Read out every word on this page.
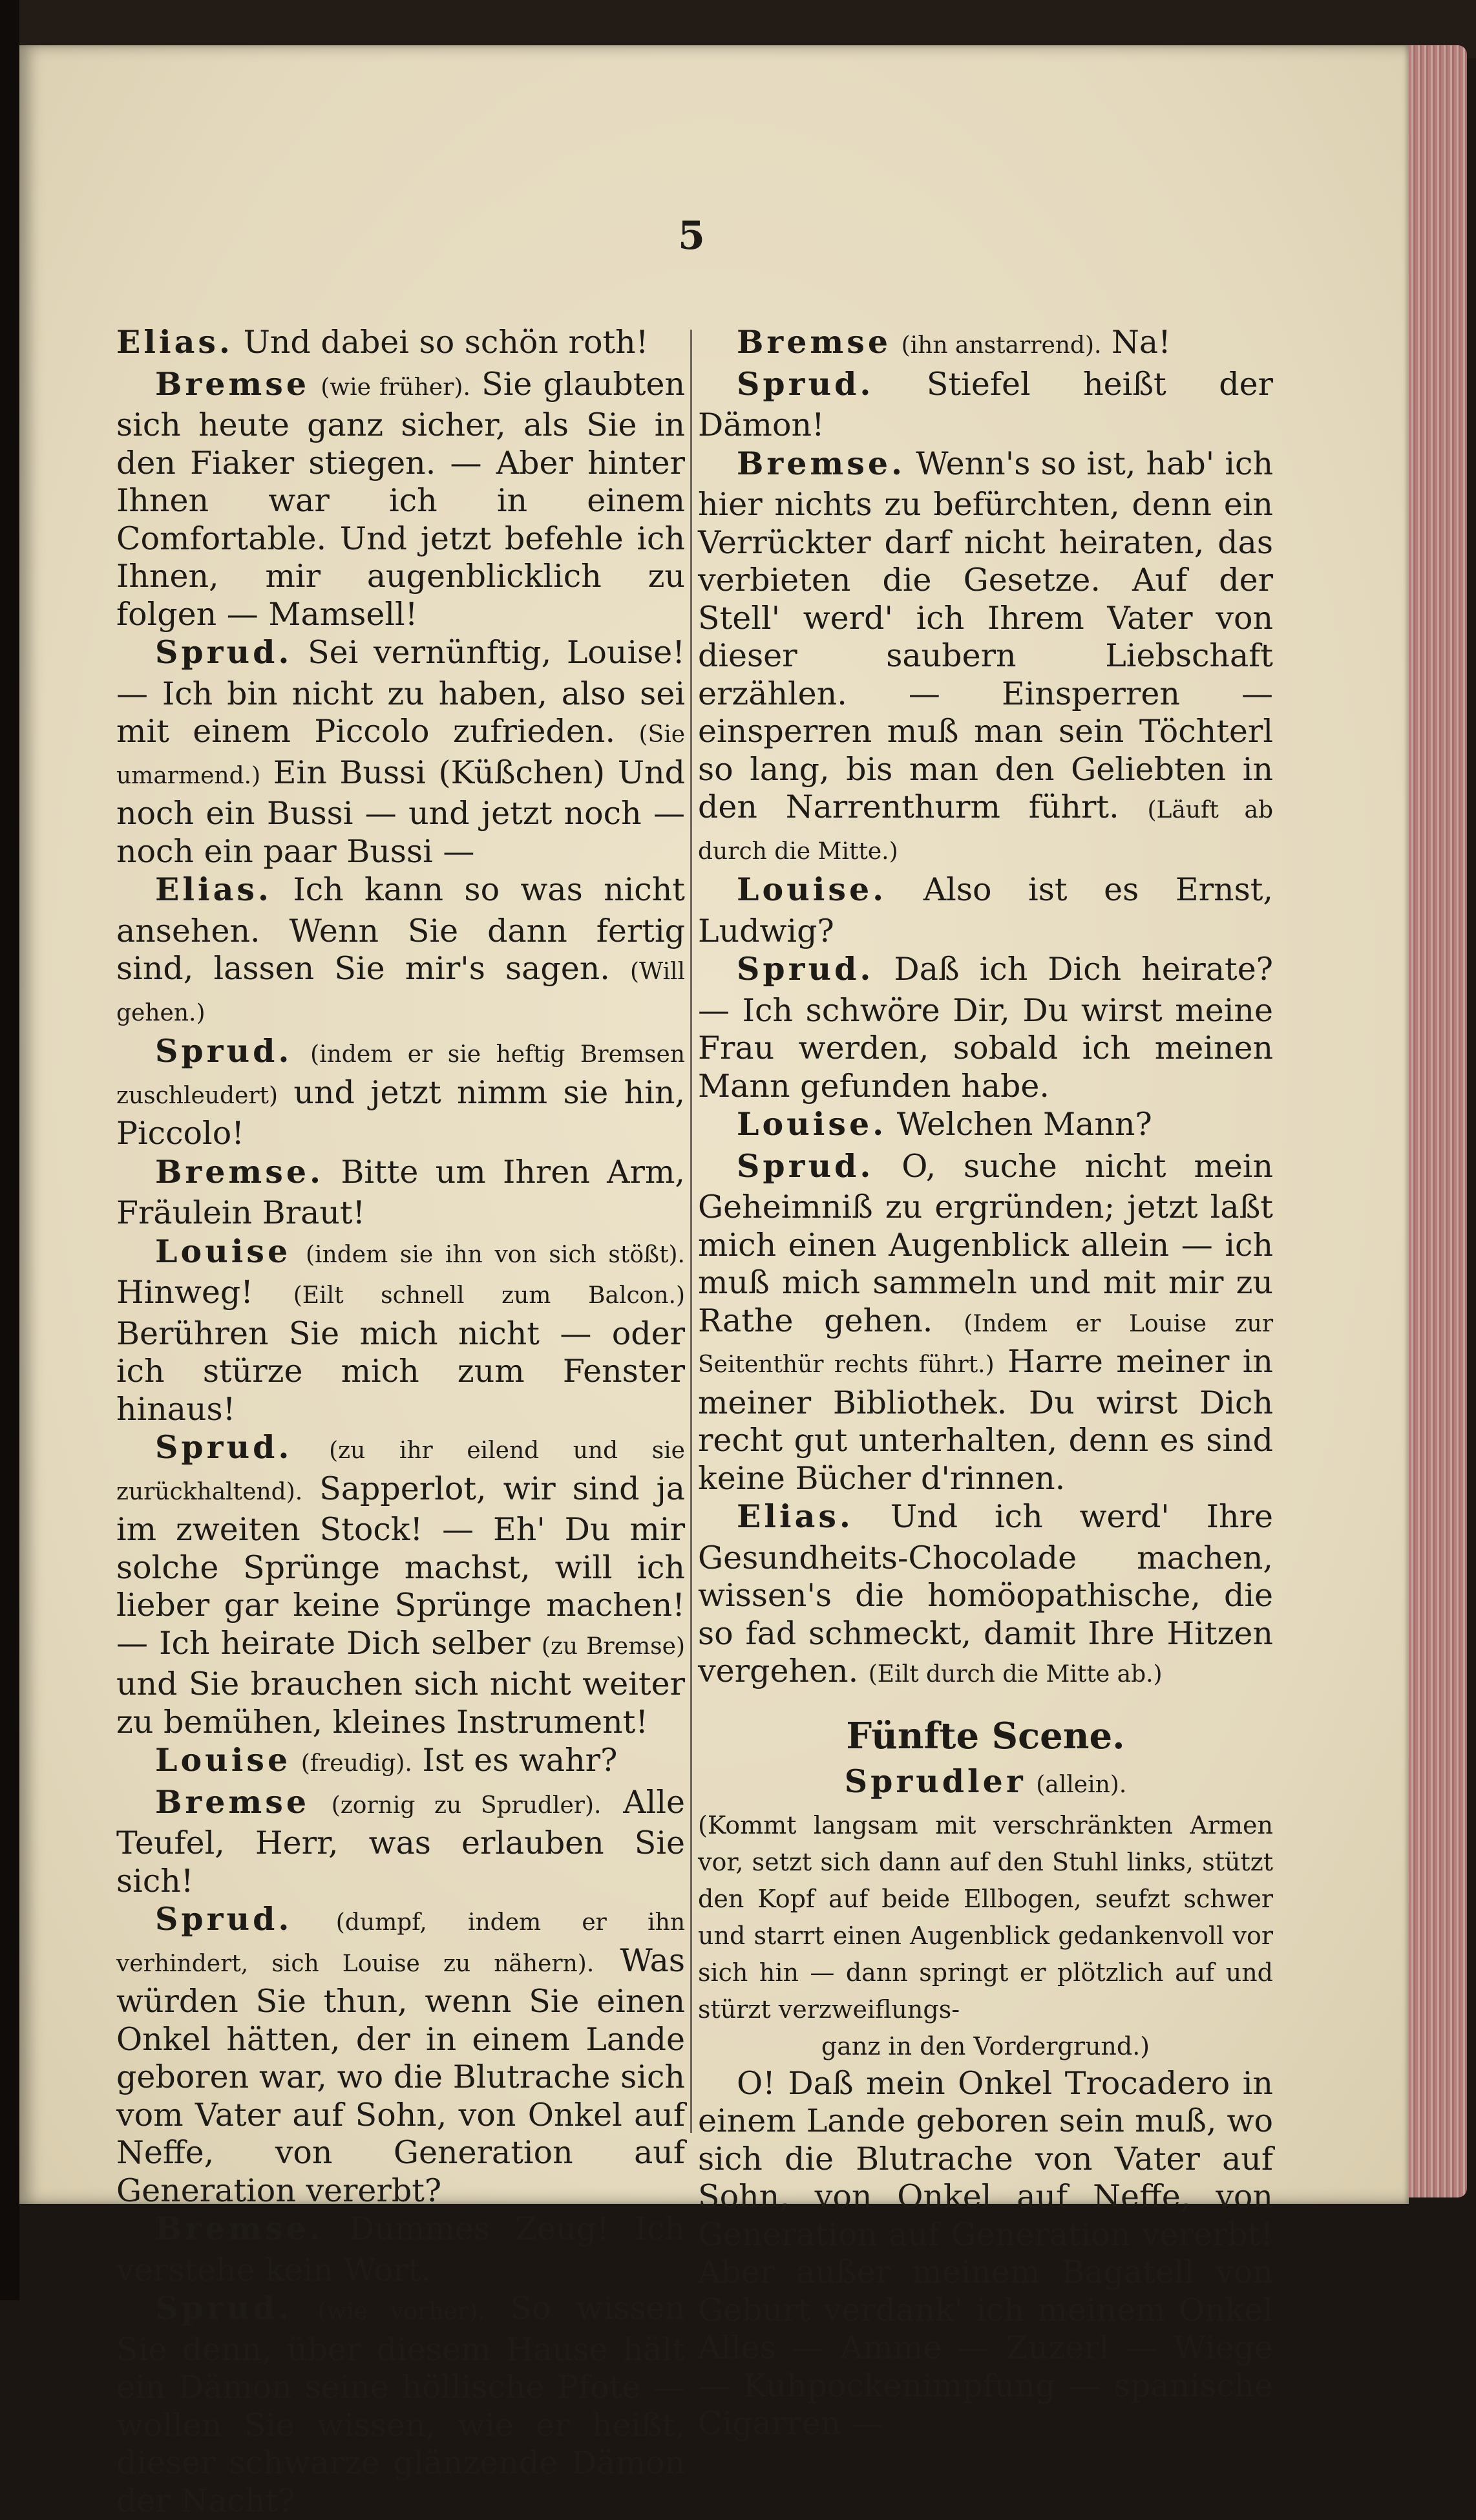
5

Elias. Und dabei so schön roth!

Bremse (wie früher). Sie glaubten sich heute ganz sicher, als Sie in den Fiaker stiegen. — Aber hinter Ihnen war ich in einem Comfortable. Und jetzt befehle ich Ihnen, mir augenblicklich zu folgen — Mamsell!

Sprud. Sei vernünftig, Louise! — Ich bin nicht zu haben, also sei mit einem Piccolo zufrieden. (Sie umarmend.) Ein Bussi (Küßchen) Und noch ein Bussi — und jetzt noch — noch ein paar Bussi —

Elias. Ich kann so was nicht ansehen. Wenn Sie dann fertig sind, lassen Sie mir's sagen. (Will gehen.)

Sprud. (indem er sie heftig Bremsen zuschleudert) und jetzt nimm sie hin, Piccolo!

Bremse. Bitte um Ihren Arm, Fräulein Braut!

Louise (indem sie ihn von sich stößt). Hinweg! (Eilt schnell zum Balcon.) Berühren Sie mich nicht — oder ich stürze mich zum Fenster hinaus!

Sprud. (zu ihr eilend und sie zurückhaltend). Sapperlot, wir sind ja im zweiten Stock! — Eh' Du mir solche Sprünge machst, will ich lieber gar keine Sprünge machen! — Ich heirate Dich selber (zu Bremse) und Sie brauchen sich nicht weiter zu bemühen, kleines Instrument!

Louise (freudig). Ist es wahr?

Bremse (zornig zu Sprudler). Alle Teufel, Herr, was erlauben Sie sich!

Sprud. (dumpf, indem er ihn verhindert, sich Louise zu nähern). Was würden Sie thun, wenn Sie einen Onkel hätten, der in einem Lande geboren war, wo die Blutrache sich vom Vater auf Sohn, von Onkel auf Neffe, von Generation auf Generation vererbt?

Bremse. Dummes Zeug! Ich verstehe kein Wort.

Sprud. (wie vorher). So wissen Sie denn, über diesem Hause hält ein Dämon seine höllische Pfote — wollen Sie wissen, wie er heißt, dieser schwarze glänzende Dämon der Nacht?

Bremse (ihn anstarrend). Na!

Sprud. Stiefel heißt der Dämon!

Bremse. Wenn's so ist, hab' ich hier nichts zu befürchten, denn ein Verrückter darf nicht heiraten, das verbieten die Gesetze. Auf der Stell' werd' ich Ihrem Vater von dieser saubern Liebschaft erzählen. — Einsperren — einsperren muß man sein Töchterl so lang, bis man den Geliebten in den Narrenthurm führt. (Läuft ab durch die Mitte.)

Louise. Also ist es Ernst, Ludwig?

Sprud. Daß ich Dich heirate? — Ich schwöre Dir, Du wirst meine Frau werden, sobald ich meinen Mann gefunden habe.

Louise. Welchen Mann?

Sprud. O, suche nicht mein Geheimniß zu ergründen; jetzt laßt mich einen Augenblick allein — ich muß mich sammeln und mit mir zu Rathe gehen. (Indem er Louise zur Seitenthür rechts führt.) Harre meiner in meiner Bibliothek. Du wirst Dich recht gut unterhalten, denn es sind keine Bücher d'rinnen.

Elias. Und ich werd' Ihre Gesundheits-Chocolade machen, wissen's die homöopathische, die so fad schmeckt, damit Ihre Hitzen vergehen. (Eilt durch die Mitte ab.)

Fünfte Scene.
Sprudler (allein).
(Kommt langsam mit verschränkten Armen vor, setzt sich dann auf den Stuhl links, stützt den Kopf auf beide Ellbogen, seufzt schwer und starrt einen Augenblick gedankenvoll vor sich hin — dann springt er plötzlich auf und stürzt verzweiflungs-
ganz in den Vordergrund.)

O! Daß mein Onkel Trocadero in einem Lande geboren sein muß, wo sich die Blutrache von Vater auf Sohn, von Onkel auf Neffe, von Generation auf Generation vererbt! Aber außer meinem Bagatell von Geburt verdank' ich meinem Onkel Alles — Amme — Zuzerl — Wiege — Kuhpockenimpfung — spanische Cigarren —
